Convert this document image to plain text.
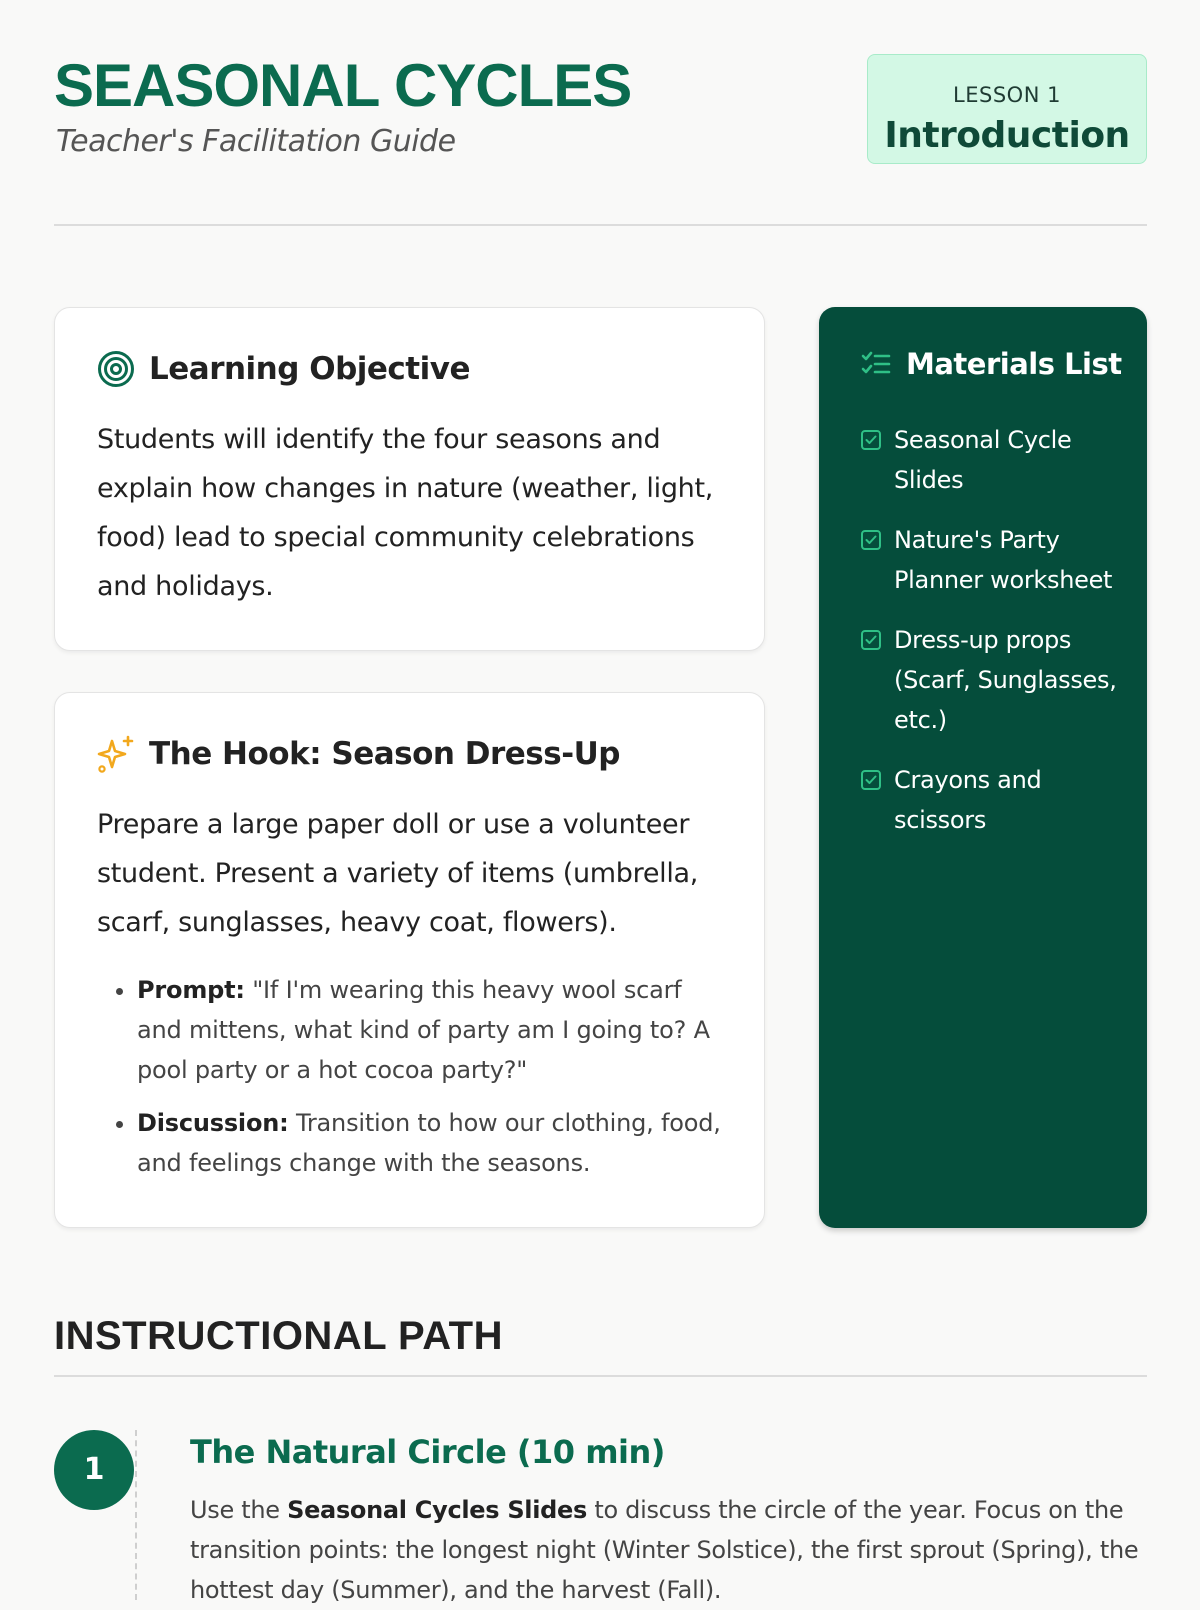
SEASONAL CYCLES
Teacher's Facilitation Guide
LESSON 1
Introduction
Learning Objective
Students will identify the four seasons and explain how changes in nature (weather, light, food) lead to special community celebrations and holidays.
The Hook: Season Dress-Up
Prepare a large paper doll or use a volunteer student. Present a variety of items (umbrella, scarf, sunglasses, heavy coat, flowers).
• Prompt: "If I'm wearing this heavy wool scarf and mittens, what kind of party am I going to? A pool party or a hot cocoa party?"
• Discussion: Transition to how our clothing, food, and feelings change with the seasons.
Materials List
Seasonal Cycle Slides
Nature's Party Planner worksheet
Dress-up props (Scarf, Sunglasses, etc.)
Crayons and scissors
INSTRUCTIONAL PATH
1	The Natural Circle (10 min)
Use the Seasonal Cycles Slides to discuss the circle of the year. Focus on the transition points: the longest night (Winter Solstice), the first sprout (Spring), the hottest day (Summer), and the harvest (Fall).
